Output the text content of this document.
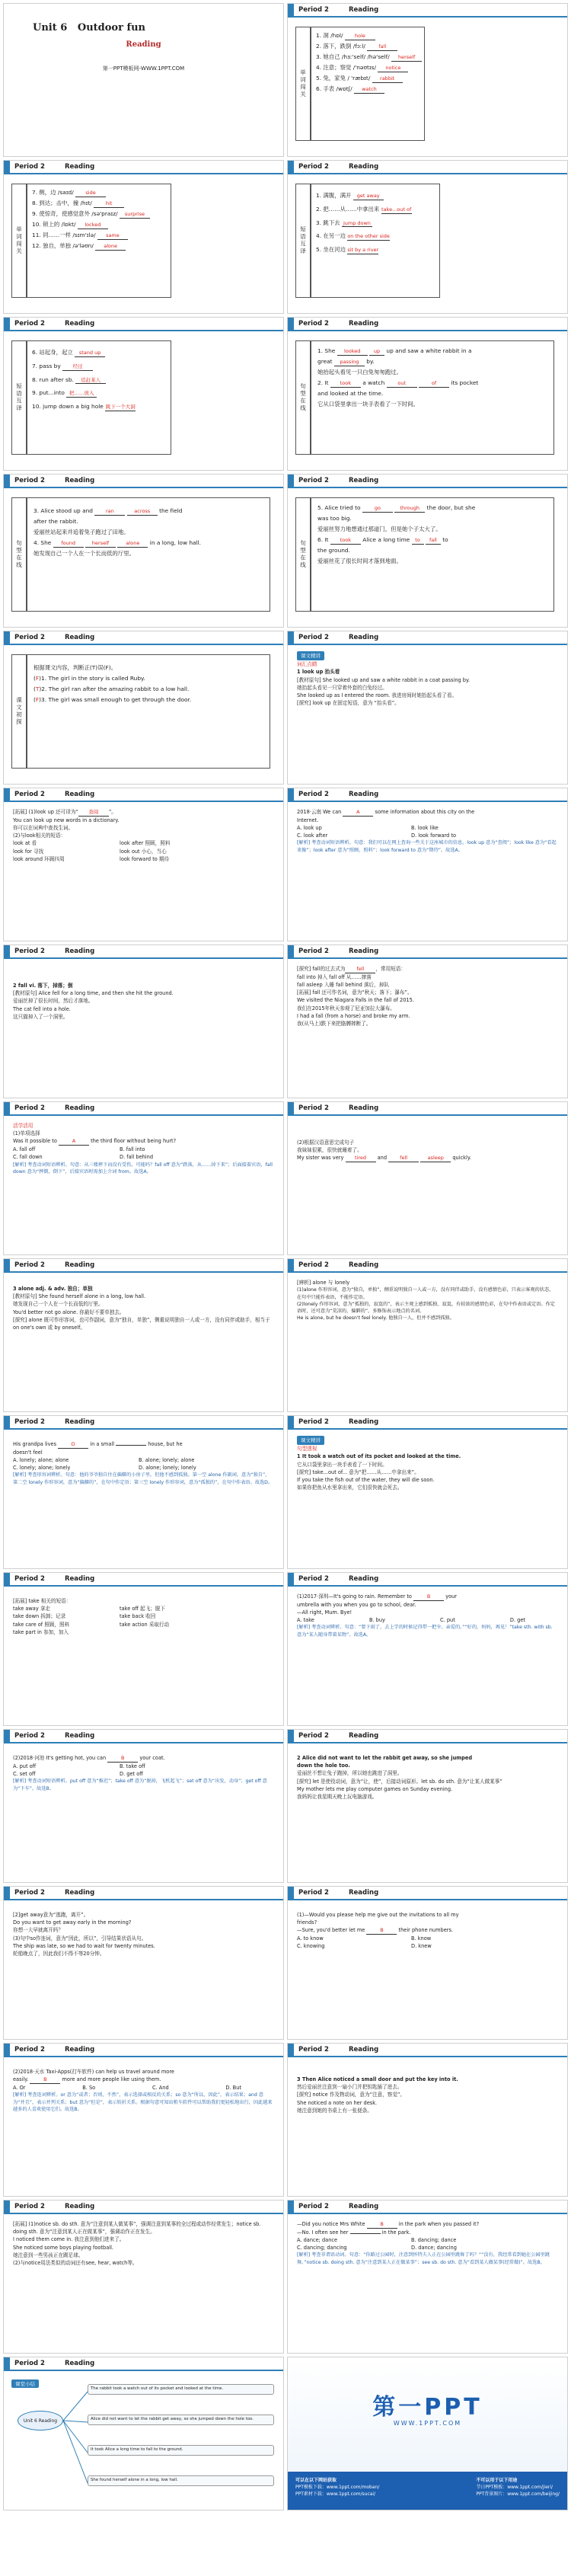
Unit 6 Outdoor fun
Reading
第一PPT模板网-WWW.1PPT.COM
Period 2	Reading
单词闯关
1. 洞 /hɒl/ hole
2. 落下，跌倒 /fɔːl/	fall
3. 她自己 /hɜː'self/ /hə'self/ herself
4. 注意；察觉 /'nəʊtɪs/ notice
5. 兔，家兔 / 'ræbɪt/ rabbit
6. 手表 /wɒtʃ/ watch
Period 2	Reading
单词闯关
7. 侧，边 /saɪd/ side
8. 到达；击中，撞 /hɪt/	hit
9. 使惊奇，使感觉意外 /sə'praɪz/ surprise
10. 锁上的 /lɒkt/ locked
11. 同……一样 /sɪm'ɪlə/ same
12. 独自，单独 /ə'ləʊn/ alone
Period 2	Reading
短语互译
1. 满腹，满开 get away
2. 把……从……中拿出来 take...out of
3. 跳下去 jump down
4. 在另一边 on the other side
5. 坐在河边 sit by a river
Period 2	Reading
短语互译
6. 站起身，起立 stand up
7. pass by 经过
8. run after sb. 追赶某人
9. put...into 把……放入
10. jump down a big hole 跳下一个大洞
Period 2	Reading
句型在线
1. She looked	up up and saw a white rabbit in a
great passing by.
她抬起头看见一只白兔匆匆跑过。
2. It took a watch	out	of	its pocket
and looked at the time.
它从口袋里拿出一块手表看了一下时间。
Period 2	Reading
句型在线
3. Alice stood up and	ran	across the field
after the rabbit.
爱丽丝站起来并追着兔子跑过了田地。
4. She found	herself	alone in a long, low hall.
她发现自己一个人在一个长而低的厅里。
Period 2	Reading
句型在线
5. Alice tried to	go	through the door, but she
was too big.
爱丽丝努力地想通过那道门，但是她个子太大了。
6. It took Alice a long time to fall to
the ground.
爱丽丝花了很长时间才落到地面。
Period 2	Reading
课文初探
根据课文内容，判断正(T)误(F)。
(F)1. The girl in the story is called Ruby.
(T)2. The girl ran after the amazing rabbit to a low hall.
(F)3. The girl was small enough to get through the door.
Period 2	Reading
课文精讲
词汇点睛
1 look up 抬头看
[教材原句] She looked up and saw a white rabbit in a coat passing by.
她抬起头看见一只穿着外套的白兔经过。
She looked up as I entered the room. 我进房间时她抬起头看了看。
[探究] look up 在固定短语，意为 “抬头看”。
Period 2	Reading
[拓展] (1)look up 还可译为“ 查阅 ”。
You can look up new words in a dictionary.
你可以在词典中查找生词。
(2)与look相关的短语：
look at 看	look after 照顾，照料
look for 寻找	look out 小心，当心
look around 环顾四周	look forward to 期待
Period 2	Reading
2018·云南 We can	A	some information about this city on the
Internet.
A. look up	B. look like
C. look after	D. look forward to
[解析] 考查动词短语辨析。句意：我们可以在网上查询一些关于这座城市的信息。look up 意为“查阅”；look like 意为“看起来像”；look after 意为“照顾，照料”；look forward to 意为“期待”。故选A。
Period 2	Reading
2 fall vi. 落下，掉落；倒
[教材原句] Alice fell for a long time, and then she hit the ground.
爱丽丝掉了很长时间，然后才落地。
The cat fell into a hole.
这只猫掉入了一个洞里。
Period 2	Reading
[探究] fall的过去式为 fell ，常用短语：
fall into 掉入 fall off 从……摔落
fall asleep 入睡 fall behind 落后，掉队
[拓展] fall 还可作名词，意为“秋天；落下；瀑布”。
We visited the Niagara Falls in the fall of 2015.
我们在2015年秋天参观了尼亚加拉大瀑布。
I had a fall (from a horse) and broke my arm.
我(从马上)跌下来把胳膊摔断了。
Period 2	Reading
活学活用
(1)单项选择
Was it possible to	A	the third floor without being hurt?
A. fall off	B. fall into
C. fall down	D. fall behind
[解析] 考查动词短语辨析。句意：从三楼摔下而没有受伤，可能吗？fall off 意为“跌落，从……掉下来”；后面接着宾语，fall down 意为“摔倒，倒下”，后接宾语时需加上介词 from。故选A。
Period 2	Reading
(2)根据汉语意思完成句子
我妹妹很累，很快就睡着了。
My sister was very tired and	fell	asleep quickly.
Period 2	Reading
3 alone adj. & adv. 独自；单独
[教材原句] She found herself alone in a long, low hall.
她发现自己一个人在一个长而低的厅里。
You'd better not go alone. 你最好不要单独去。
[探究] alone 既可作形容词，也可作副词，意为“独自，单独”，侧重说明独自一人或一方，没有同伴或助手，相当于on one's own 或 by oneself。
Period 2	Reading
[辨析] alone 与 lonely
(1)alone 作形容词，意为“独自，单独”，侧重说明独自一人或一方，没有同伴或助手，没有感情色彩，只表示客观的状态，在句中只能作表语，不能作定语。
(2)lonely 作形容词，意为“孤独的，寂寞的”，表示主观上感到孤独、寂寞，有较浓的感情色彩，在句中作表语或定语。作定语时，还可意为“荒凉的，偏僻的”，多修饰表示地点的名词。
He is alone, but he doesn't feel lonely. 他独自一人，但并不感到孤独。
Period 2	Reading
His grandpa lives	D	in a small	house, but he
doesn't feel
A. lonely; alone; alone	B. alone; lonely; alone
C. lonely; alone; lonely	D. alone; lonely; lonely
[解析] 考查形容词辨析。句意：他的爷爷独自住在偏僻的小房子里，但他不感到孤独。第一空 alone 作副词，意为“独自”，第二空 lonely 作形容词，意为“偏僻的”，在句中作定语；第三空 lonely 作形容词，意为“孤独的”，在句中作表语。故选D。
Period 2	Reading
课文精讲
句型透视
1 It took a watch out of its pocket and looked at the time.
它从口袋里拿出一块手表看了一下时间。
[探究] take...out of... 意为“把……从……中拿出来”。
If you take the fish out of the water, they will die soon.
如果你把鱼从水里拿出来，它们很快就会死去。
Period 2	Reading
[拓展] take 相关的短语：
take away 拿走	take off 起飞；脱下
take down 拆卸；记录	take back 收回
take care of 照顾，照料	take action 采取行动
take part in 参加，加入
Period 2	Reading
(1)2017·深圳—It's going to rain. Remember to	B	your
umbrella with you when you go to school, dear.
—All right, Mum. Bye!
A. take	B. buy	C. put	D. get
[解析] 考查动词辨析。句意：“要下雨了，去上学的时候记得带一把伞，亲爱的。”“好的，妈妈，再见！”take sth. with sb. 意为“某人随身带着某物”。故选A。
Period 2	Reading
(2)2018·河池 It's getting hot, you can	B	your coat.
A. put off	B. take off
C. set off	D. get off
[解析] 考查动词短语辨析。put off 意为“推迟”；take off 意为“脱掉，飞机起飞”；set off 意为“出发，动身”；get off 意为“下车”。故选B。
Period 2	Reading
2 Alice did not want to let the rabbit get away, so she jumped
down the hole too.
爱丽丝不想让兔子跑掉，所以她也跳进了洞里。
[探究] let 是使役动词，意为“让，使”，后接动词原形。let sb. do sth. 意为“让某人做某事”
My mother lets me play computer games on Sunday evening.
我妈妈让我星期天晚上玩电脑游戏。
Period 2	Reading
[2]get away意为“逃跑，离开”。
Do you want to get away early in the morning?
你想一大早就离开吗？
(3)句中so作连词，意为“因此，所以”，引导结果状语从句。
The ship was late, so we had to wait for twenty minutes.
轮船晚点了，因此我们不得不等20分钟。
Period 2	Reading
(1)—Would you please help me give out the invitations to all my
friends?
—Sure, you'd better let me	B	their phone numbers.
A. to know	B. know
C. knowing	D. knew
Period 2	Reading
(2)2018·天水 Taxi-Apps(打车软件) can help us travel around more
easily.	B	more and more people like using them.
A. Or	B. So	C. And	D. But
[解析] 考查连词辨析。or 意为“或者；否则，不然”，表示选择或相反的关系；so 意为“所以，因此”，表示结果；and 意为“并且”，表示并列关系；but 意为“但是”，表示转折关系。根据句意可知出租车软件可以帮助我们更轻松地出行，因此越来越多的人喜欢使用它们。故选B。
Period 2	Reading
3 Then Alice noticed a small door and put the key into it.
然后爱丽丝注意到一扇小门并把钥匙插了进去。
[探究] notice 作及物动词，意为“注意，察觉”。
She noticed a note on her desk.
她注意到她的书桌上有一张便条。
Period 2	Reading
[拓展] (1)notice sb. do sth. 意为“注意到某人做某事”，强调注意到某事的全过程或动作经常发生；notice sb. doing sth. 意为“注意到某人正在做某事”，强调动作正在发生。
I noticed them come in. 我注意到他们进来了。
She noticed some boys playing football.
她注意到一些男孩正在踢足球。
(2)与notice用法类似的动词还有see, hear, watch等。
Period 2	Reading
—Did you notice Mrs White	B	in the park when you passed it?
—No. I often see her	in the park.
A. dance; dance	B. dancing; dance
C. dancing; dancing	D. dance; dancing
[解析] 考查非谓语动词。句意：“你路过公园时，注意到怀特夫人正在公园里跳舞了吗？”“没有，我经常看到她在公园里跳舞。”notice sb. doing sth. 意为“注意到某人正在做某事”；see sb. do sth. 意为“看到某人做某事(经常做)”。故选B。
Period 2	Reading
课堂小结
Unit 6 Reading
The rabbit took a watch out of its pocket and looked at the time.
Alice did not want to let the rabbit get away, so she jumped down the hole too.
It took Alice a long time to fall to the ground.
She found herself alone in a long, low hall.
第一PPT
WWW.1PPT.COM
可以在以下网站获取
PPT模板下载：www.1ppt.com/moban/
PPT素材下载：www.1ppt.com/sucai/
不可以用于以下用途
节日PPT模板：www.1ppt.com/jieri/
PPT背景图片：www.1ppt.com/beijing/
